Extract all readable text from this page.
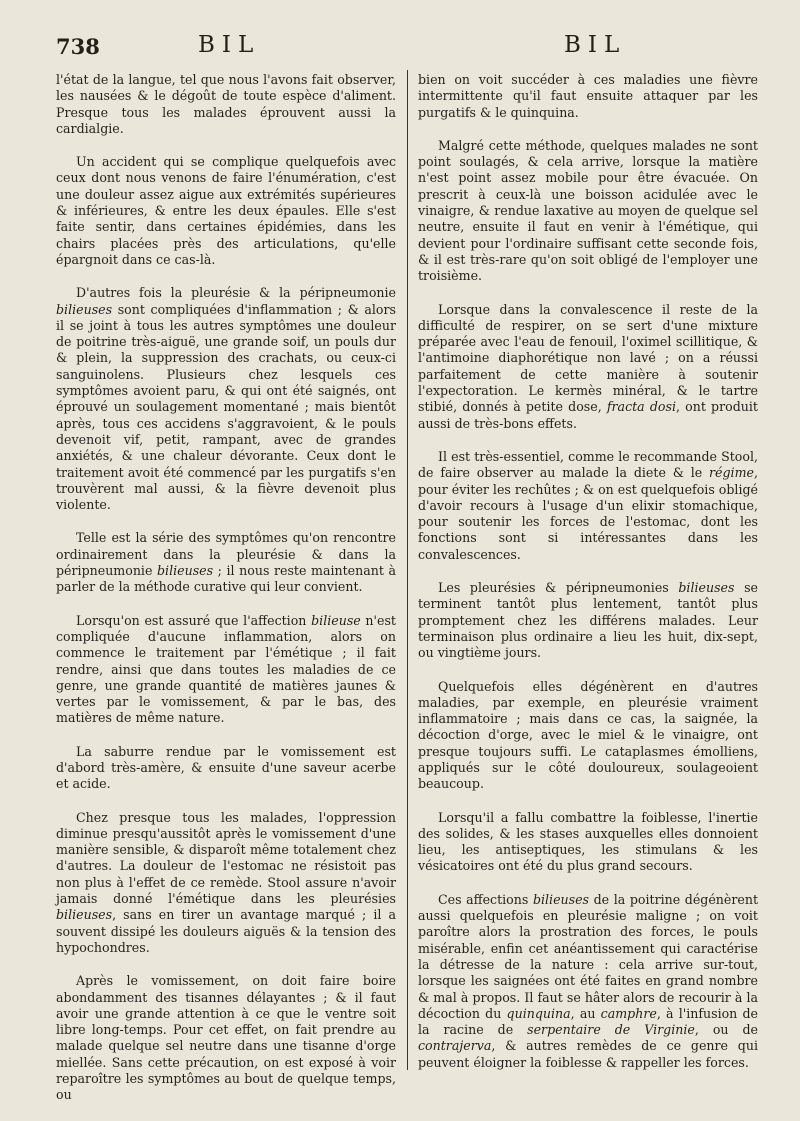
738	BIL	BIL

l'état de la langue, tel que nous l'avons fait observer, les nausées & le dégoût de toute espèce d'aliment. Presque tous les malades éprouvent aussi la cardialgie.

Un accident qui se complique quelquefois avec ceux dont nous venons de faire l'énumération, c'est une douleur assez aigue aux extrémités supérieures & inférieures, & entre les deux épaules. Elle s'est faite sentir, dans certaines épidémies, dans les chairs placées près des articulations, qu'elle épargnoit dans ce cas-là.

D'autres fois la pleurésie & la péripneumonie bilieuses sont compliquées d'inflammation ; & alors il se joint à tous les autres symptômes une douleur de poitrine très-aiguë, une grande soif, un pouls dur & plein, la suppression des crachats, ou ceux-ci sanguinolens. Plusieurs chez lesquels ces symptômes avoient paru, & qui ont été saignés, ont éprouvé un soulagement momentané ; mais bientôt après, tous ces accidens s'aggravoient, & le pouls devenoit vif, petit, rampant, avec de grandes anxiétés, & une chaleur dévorante. Ceux dont le traitement avoit été commencé par les purgatifs s'en trouvèrent mal aussi, & la fièvre devenoit plus violente.

Telle est la série des symptômes qu'on rencontre ordinairement dans la pleurésie & dans la péripneumonie bilieuses ; il nous reste maintenant à parler de la méthode curative qui leur convient.

Lorsqu'on est assuré que l'affection bilieuse n'est compliquée d'aucune inflammation, alors on commence le traitement par l'émétique ; il fait rendre, ainsi que dans toutes les maladies de ce genre, une grande quantité de matières jaunes & vertes par le vomissement, & par le bas, des matières de même nature.

La saburre rendue par le vomissement est d'abord très-amère, & ensuite d'une saveur acerbe et acide.

Chez presque tous les malades, l'oppression diminue presqu'aussitôt après le vomissement d'une manière sensible, & disparoît même totalement chez d'autres. La douleur de l'estomac ne résistoit pas non plus à l'effet de ce remède. Stool assure n'avoir jamais donné l'émétique dans les pleurésies bilieuses, sans en tirer un avantage marqué ; il a souvent dissipé les douleurs aiguës & la tension des hypochondres.

Après le vomissement, on doit faire boire abondamment des tisannes délayantes ; & il faut avoir une grande attention à ce que le ventre soit libre long-temps. Pour cet effet, on fait prendre au malade quelque sel neutre dans une tisanne d'orge miellée. Sans cette précaution, on est exposé à voir reparoître les symptômes au bout de quelque temps, ou

bien on voit succéder à ces maladies une fièvre intermittente qu'il faut ensuite attaquer par les purgatifs & le quinquina.

Malgré cette méthode, quelques malades ne sont point soulagés, & cela arrive, lorsque la matière n'est point assez mobile pour être évacuée. On prescrit à ceux-là une boisson acidulée avec le vinaigre, & rendue laxative au moyen de quelque sel neutre, ensuite il faut en venir à l'émétique, qui devient pour l'ordinaire suffisant cette seconde fois, & il est très-rare qu'on soit obligé de l'employer une troisième.

Lorsque dans la convalescence il reste de la difficulté de respirer, on se sert d'une mixture préparée avec l'eau de fenouil, l'oximel scillitique, & l'antimoine diaphorétique non lavé ; on a réussi parfaitement de cette manière à soutenir l'expectoration. Le kermès minéral, & le tartre stibié, donnés à petite dose, fracta dosi, ont produit aussi de très-bons effets.

Il est très-essentiel, comme le recommande Stool, de faire observer au malade la diete & le régime, pour éviter les rechûtes ; & on est quelquefois obligé d'avoir recours à l'usage d'un elixir stomachique, pour soutenir les forces de l'estomac, dont les fonctions sont si intéressantes dans les convalescences.

Les pleurésies & péripneumonies bilieuses se terminent tantôt plus lentement, tantôt plus promptement chez les différens malades. Leur terminaison plus ordinaire a lieu les huit, dix-sept, ou vingtième jours.

Quelquefois elles dégénèrent en d'autres maladies, par exemple, en pleurésie vraiment inflammatoire ; mais dans ce cas, la saignée, la décoction d'orge, avec le miel & le vinaigre, ont presque toujours suffi. Le cataplasmes émolliens, appliqués sur le côté douloureux, soulageoient beaucoup.

Lorsqu'il a fallu combattre la foiblesse, l'inertie des solides, & les stases auxquelles elles donnoient lieu, les antiseptiques, les stimulans & les vésicatoires ont été du plus grand secours.

Ces affections bilieuses de la poitrine dégénèrent aussi quelquefois en pleurésie maligne ; on voit paroître alors la prostration des forces, le pouls misérable, enfin cet anéantissement qui caractérise la détresse de la nature : cela arrive sur-tout, lorsque les saignées ont été faites en grand nombre & mal à propos. Il faut se hâter alors de recourir à la décoction du quinquina, au camphre, à l'infusion de la racine de serpentaire de Virginie, ou de contrajerva, & autres remèdes de ce genre qui peuvent éloigner la foiblesse & rappeller les forces.
